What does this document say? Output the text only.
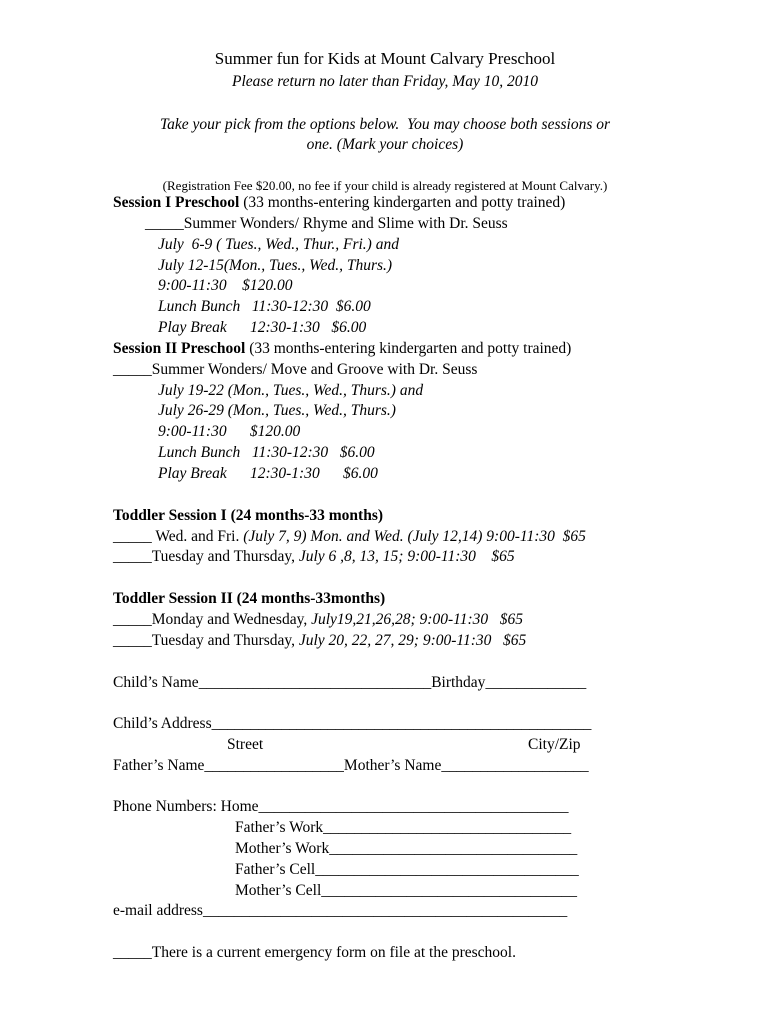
Summer fun for Kids at Mount Calvary Preschool
Please return no later than Friday, May 10, 2010
Take your pick from the options below.  You may choose both sessions or
one. (Mark your choices)
(Registration Fee $20.00, no fee if your child is already registered at Mount Calvary.)
Session I Preschool (33 months-entering kindergarten and potty trained)
_____Summer Wonders/ Rhyme and Slime with Dr. Seuss
July  6-9 ( Tues., Wed., Thur., Fri.) and
July 12-15(Mon., Tues., Wed., Thurs.)
9:00-11:30    $120.00
Lunch Bunch   11:30-12:30  $6.00
Play Break      12:30-1:30   $6.00
Session II Preschool (33 months-entering kindergarten and potty trained)
_____Summer Wonders/ Move and Groove with Dr. Seuss
July 19-22 (Mon., Tues., Wed., Thurs.) and
July 26-29 (Mon., Tues., Wed., Thurs.)
9:00-11:30      $120.00
Lunch Bunch   11:30-12:30   $6.00
Play Break      12:30-1:30      $6.00
Toddler Session I (24 months-33 months)
_____ Wed. and Fri. (July 7, 9) Mon. and Wed. (July 12,14) 9:00-11:30  $65
_____Tuesday and Thursday, July 6 ,8, 13, 15; 9:00-11:30    $65
Toddler Session II (24 months-33months)
_____Monday and Wednesday, July19,21,26,28; 9:00-11:30   $65
_____Tuesday and Thursday, July 20, 22, 27, 29; 9:00-11:30   $65
Child’s Name______________________________Birthday_____________
Child’s Address_________________________________________________
Street	City/Zip
Father’s Name__________________Mother’s Name___________________
Phone Numbers: Home________________________________________
Father’s Work________________________________
Mother’s Work________________________________
Father’s Cell__________________________________
Mother’s Cell_________________________________
e-mail address_______________________________________________
_____There is a current emergency form on file at the preschool.
